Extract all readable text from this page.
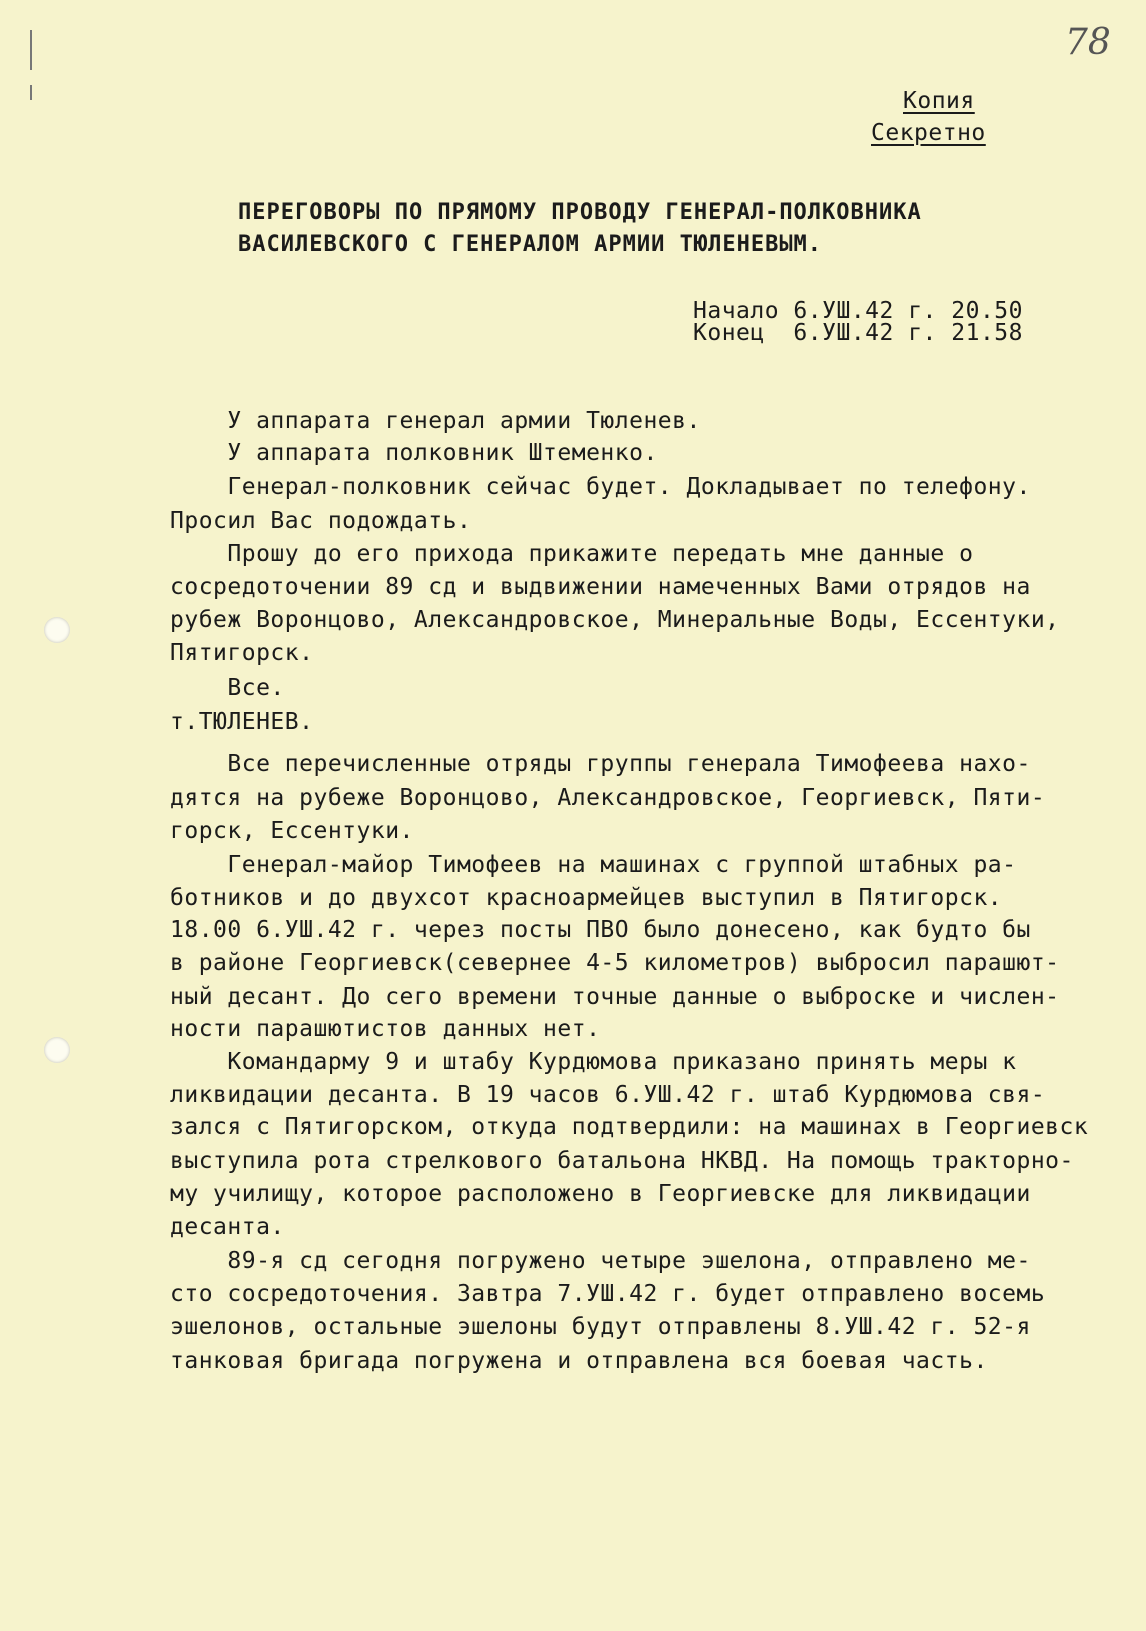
78
Копия
Секретно
ПЕРЕГОВОРЫ ПО ПРЯМОМУ ПРОВОДУ ГЕНЕРАЛ-ПОЛКОВНИКА
ВАСИЛЕВСКОГО С ГЕНЕРАЛОМ АРМИИ ТЮЛЕНЕВЫМ.
Начало 6.УШ.42 г. 20.50
Конец  6.УШ.42 г. 21.58
У аппарата генерал армии Тюленев.
У аппарата полковник Штеменко.
Генерал-полковник сейчас будет. Докладывает по телефону.
Просил Вас подождать.
Прошу до его прихода прикажите передать мне данные о
сосредоточении 89 сд и выдвижении намеченных Вами отрядов на
рубеж Воронцово, Александровское, Минеральные Воды, Ессентуки,
Пятигорск.
Все.
т.ТЮЛЕНЕВ.
Все перечисленные отряды группы генерала Тимофеева нахо-
дятся на рубеже Воронцово, Александровское, Георгиевск, Пяти-
горск, Ессентуки.
Генерал-майор Тимофеев на машинах с группой штабных ра-
ботников и до двухсот красноармейцев выступил в Пятигорск.
18.00 6.УШ.42 г. через посты ПВО было донесено, как будто бы
в районе Георгиевск(севернее 4-5 километров) выбросил парашют-
ный десант. До сего времени точные данные о выброске и числен-
ности парашютистов данных нет.
Командарму 9 и штабу Курдюмова приказано принять меры к
ликвидации десанта. В 19 часов 6.УШ.42 г. штаб Курдюмова свя-
зался с Пятигорском, откуда подтвердили: на машинах в Георгиевск
выступила рота стрелкового батальона НКВД. На помощь тракторно-
му училищу, которое расположено в Георгиевске для ликвидации
десанта.
89-я сд сегодня погружено четыре эшелона, отправлено ме-
сто сосредоточения. Завтра 7.УШ.42 г. будет отправлено восемь
эшелонов, остальные эшелоны будут отправлены 8.УШ.42 г. 52-я
танковая бригада погружена и отправлена вся боевая часть.
